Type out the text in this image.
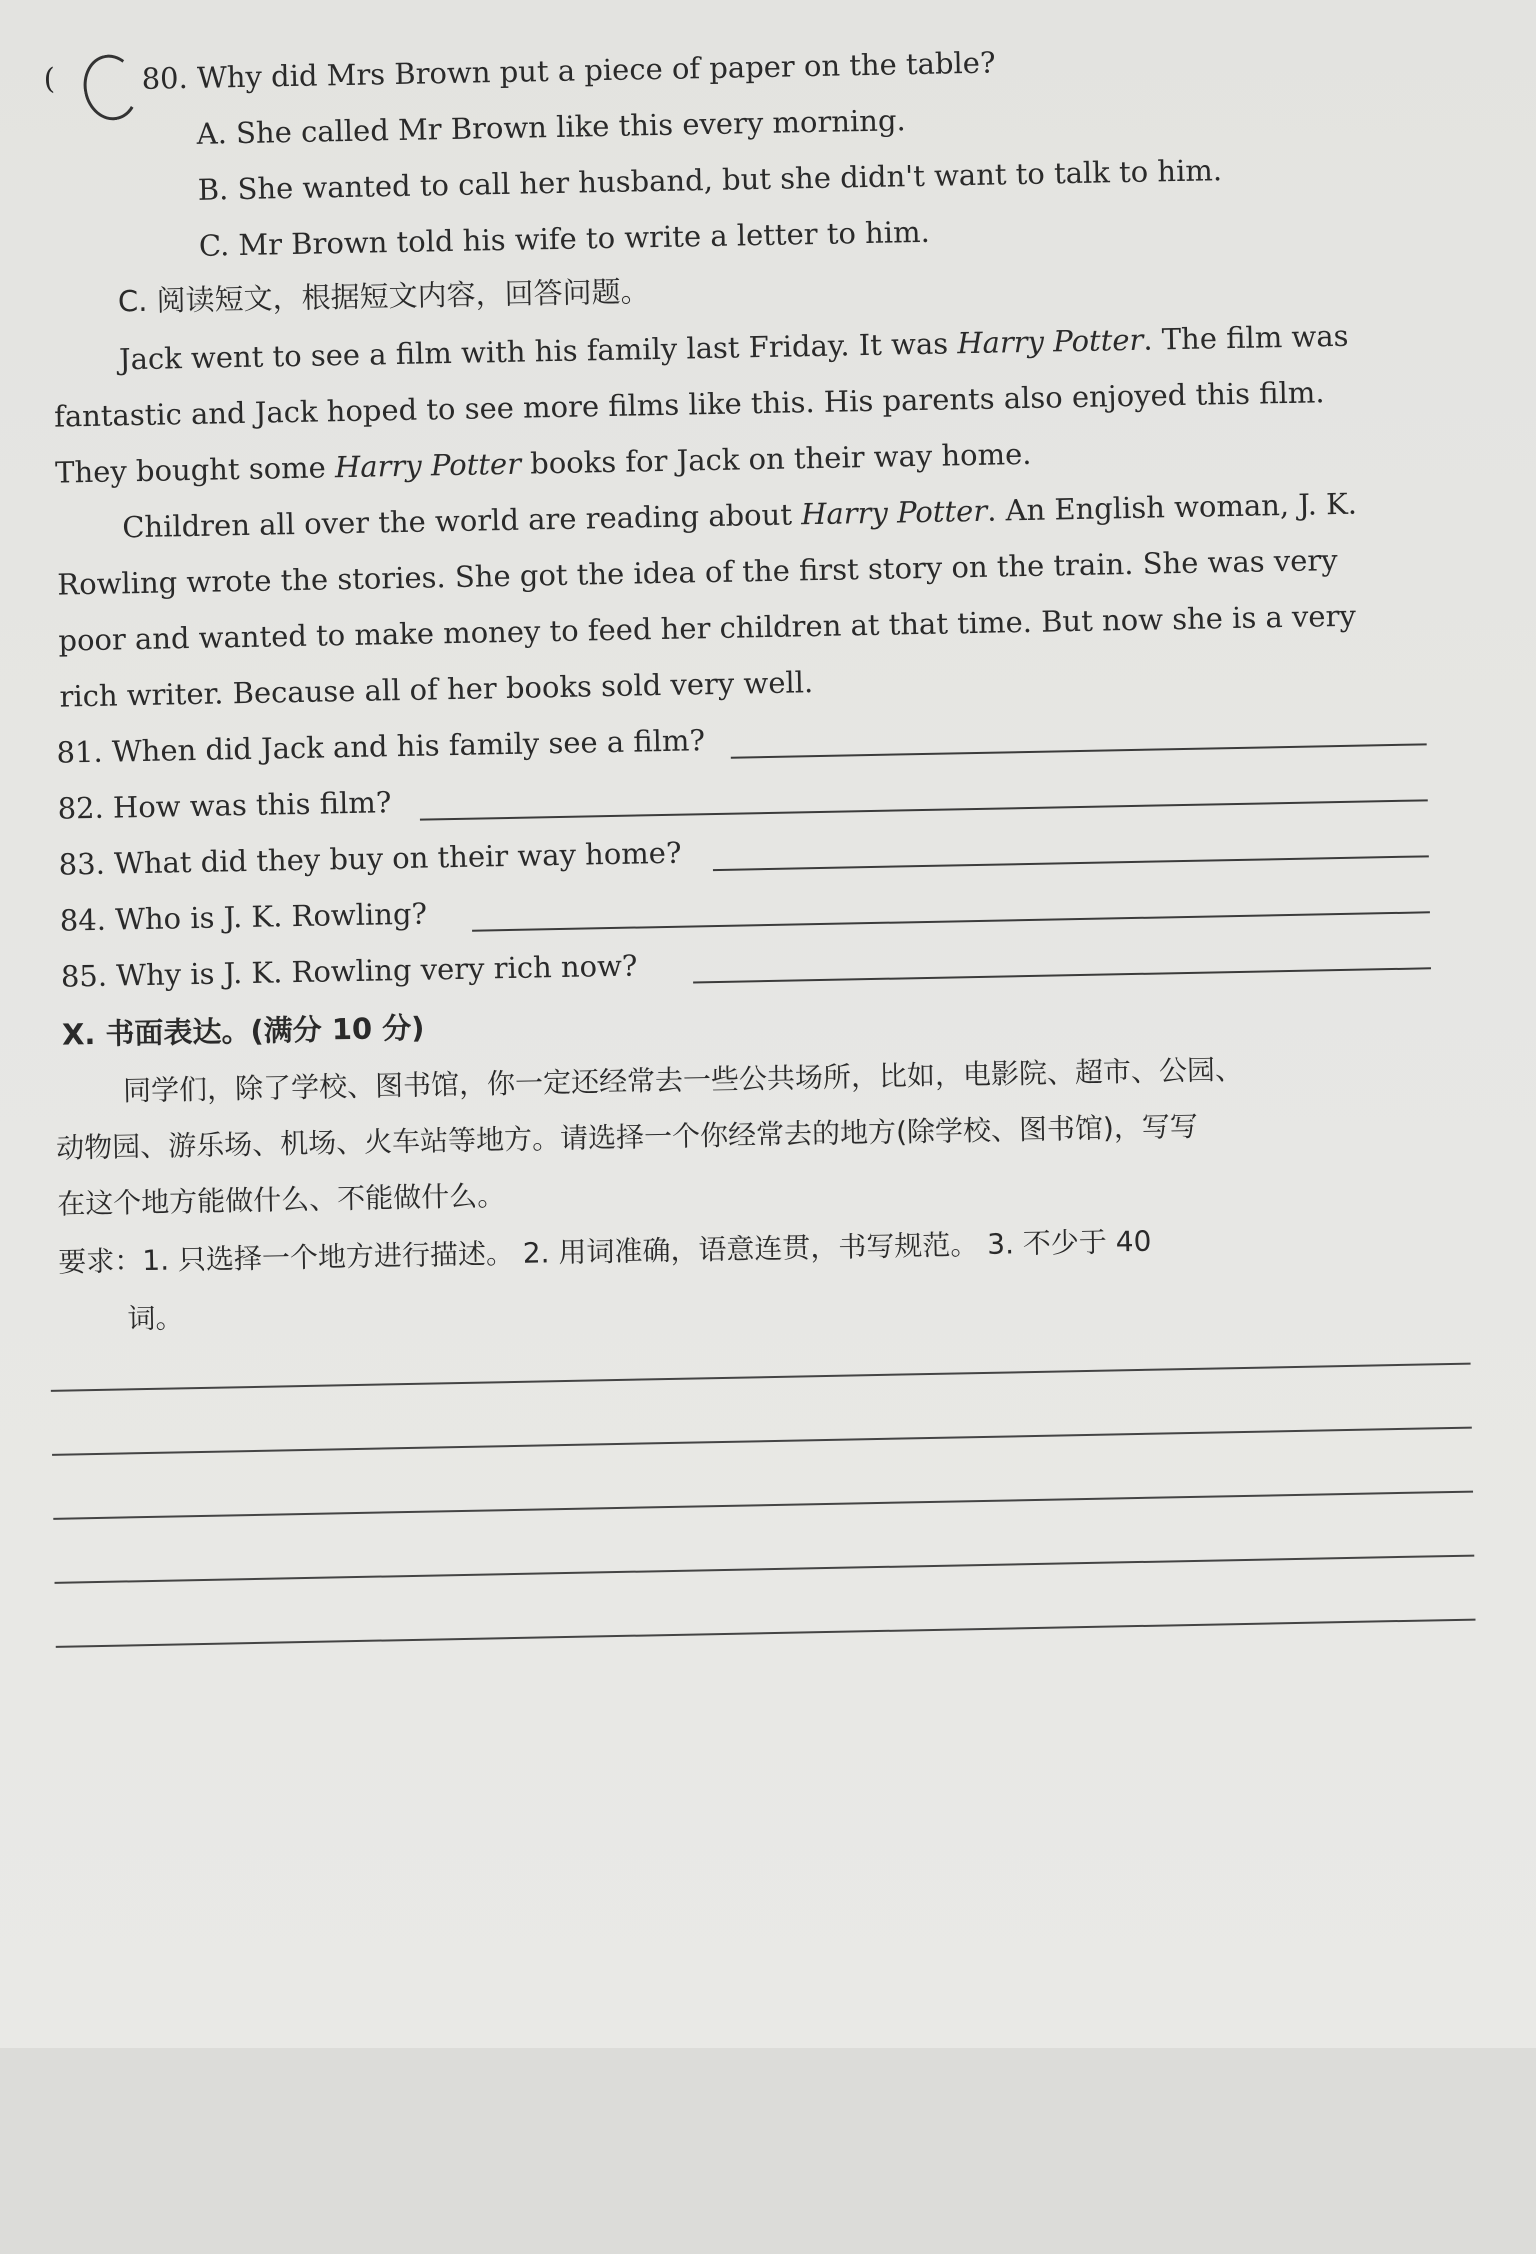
(	80. Why did Mrs Brown put a piece of paper on the table?
A. She called Mr Brown like this every morning.
B. She wanted to call her husband, but she didn't want to talk to him.
C. Mr Brown told his wife to write a letter to him.
C. 阅读短文，根据短文内容，回答问题。
Jack went to see a film with his family last Friday. It was Harry Potter. The film was
fantastic and Jack hoped to see more films like this. His parents also enjoyed this film.
They bought some Harry Potter books for Jack on their way home.
Children all over the world are reading about Harry Potter. An English woman, J. K.
Rowling wrote the stories. She got the idea of the first story on the train. She was very
poor and wanted to make money to feed her children at that time. But now she is a very
rich writer. Because all of her books sold very well.
81. When did Jack and his family see a film?
82. How was this film?
83. What did they buy on their way home?
84. Who is J. K. Rowling?
85. Why is J. K. Rowling very rich now?
X. 书面表达。(满分 10 分)
同学们，除了学校、图书馆，你一定还经常去一些公共场所，比如，电影院、超市、公园、
动物园、游乐场、机场、火车站等地方。请选择一个你经常去的地方(除学校、图书馆)，写写
在这个地方能做什么、不能做什么。
要求：1. 只选择一个地方进行描述。 2. 用词准确，语意连贯，书写规范。 3. 不少于 40
词。
